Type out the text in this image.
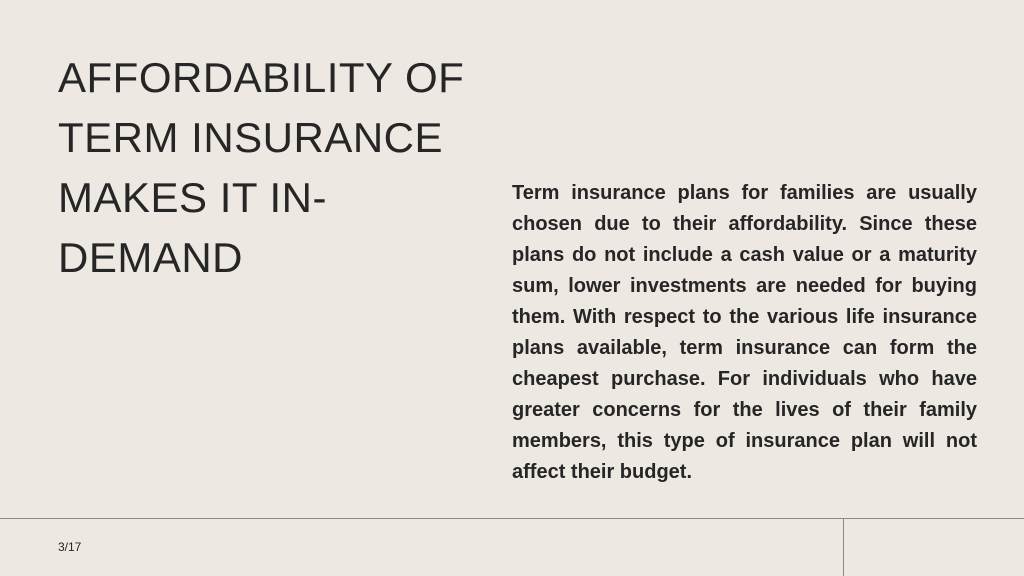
AFFORDABILITY OF
TERM INSURANCE
MAKES IT IN-
DEMAND

Term insurance plans for families are usually chosen due to their affordability. Since these plans do not include a cash value or a maturity sum, lower investments are needed for buying them. With respect to the various life insurance plans available, term insurance can form the cheapest purchase. For individuals who have greater concerns for the lives of their family members, this type of insurance plan will not affect their budget.

3/17
